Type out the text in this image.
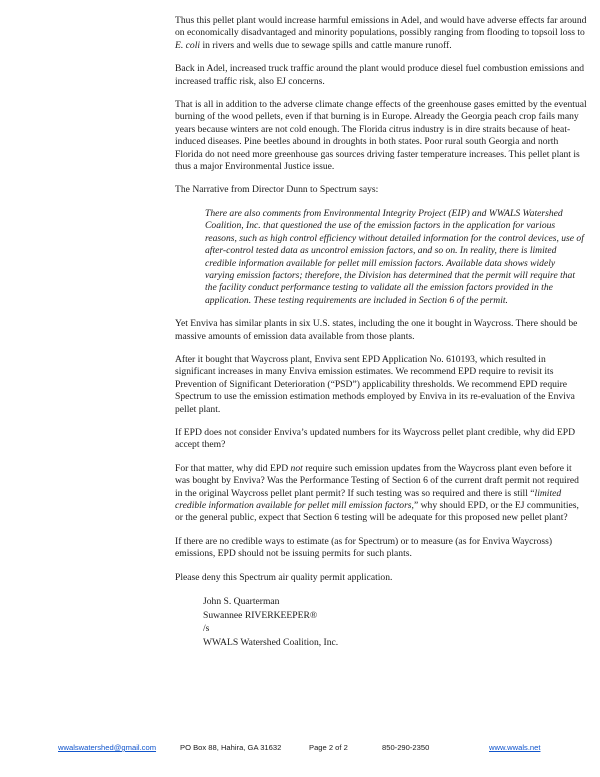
Thus this pellet plant would increase harmful emissions in Adel, and would have adverse effects far around on economically disadvantaged and minority populations, possibly ranging from flooding to topsoil loss to E. coli in rivers and wells due to sewage spills and cattle manure runoff.

Back in Adel, increased truck traffic around the plant would produce diesel fuel combustion emissions and increased traffic risk, also EJ concerns.

That is all in addition to the adverse climate change effects of the greenhouse gases emitted by the eventual burning of the wood pellets, even if that burning is in Europe. Already the Georgia peach crop fails many years because winters are not cold enough. The Florida citrus industry is in dire straits because of heat-induced diseases. Pine beetles abound in droughts in both states. Poor rural south Georgia and north Florida do not need more greenhouse gas sources driving faster temperature increases. This pellet plant is thus a major Environmental Justice issue.

The Narrative from Director Dunn to Spectrum says:

There are also comments from Environmental Integrity Project (EIP) and WWALS Watershed Coalition, Inc. that questioned the use of the emission factors in the application for various reasons, such as high control efficiency without detailed information for the control devices, use of after-control tested data as uncontrol emission factors, and so on. In reality, there is limited credible information available for pellet mill emission factors. Available data shows widely varying emission factors; therefore, the Division has determined that the permit will require that the facility conduct performance testing to validate all the emission factors provided in the application. These testing requirements are included in Section 6 of the permit.

Yet Enviva has similar plants in six U.S. states, including the one it bought in Waycross. There should be massive amounts of emission data available from those plants.

After it bought that Waycross plant, Enviva sent EPD Application No. 610193, which resulted in significant increases in many Enviva emission estimates. We recommend EPD require to revisit its Prevention of Significant Deterioration (“PSD”) applicability thresholds. We recommend EPD require Spectrum to use the emission estimation methods employed by Enviva in its re-evaluation of the Enviva pellet plant.

If EPD does not consider Enviva’s updated numbers for its Waycross pellet plant credible, why did EPD accept them?

For that matter, why did EPD not require such emission updates from the Waycross plant even before it was bought by Enviva? Was the Performance Testing of Section 6 of the current draft permit not required in the original Waycross pellet plant permit? If such testing was so required and there is still “limited credible information available for pellet mill emission factors,” why should EPD, or the EJ communities, or the general public, expect that Section 6 testing will be adequate for this proposed new pellet plant?

If there are no credible ways to estimate (as for Spectrum) or to measure (as for Enviva Waycross) emissions, EPD should not be issuing permits for such plants.

Please deny this Spectrum air quality permit application.

John S. Quarterman
Suwannee RIVERKEEPER®
/s
WWALS Watershed Coalition, Inc.
wwalswatershed@gmail.com	PO Box 88, Hahira, GA 31632	Page 2 of 2	850-290-2350	www.wwals.net
